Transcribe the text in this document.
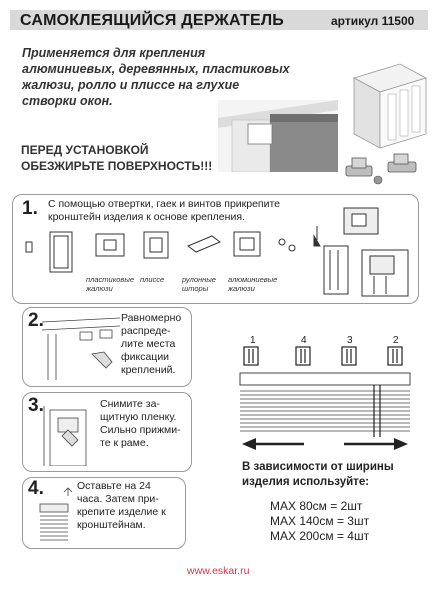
САМОКЛЕЯЩИЙСЯ ДЕРЖАТЕЛЬ	артикул 11500
Применяется для крепления
алюминиевых, деревянных, пластиковых
жалюзи, ролло и плиссе на глухие
створки окон.
ПЕРЕД УСТАНОВКОЙ
ОБЕЗЖИРЬТЕ ПОВЕРХНОСТЬ!!!
1. С помощью отвертки, гаек и винтов прикрепите
кронштейн изделия к основе крепления.
пластиковые
жалюзи
плиссе рулонные
шторы
алюминиевые
жалюзи
2.	Равномерно
распреде-
лите места
фиксации
креплений.
3.	Снимите за-
щитную пленку.
Сильно прижми-
те к раме.
4.	Оставьте на 24
часа. Затем при-
крепите изделие к
кронштейнам.
1	4	3	2
В зависимости от ширины
изделия используйте:
MAX 80см = 2шт
MAX 140см = 3шт
MAX 200см = 4шт
www.eskar.ru
